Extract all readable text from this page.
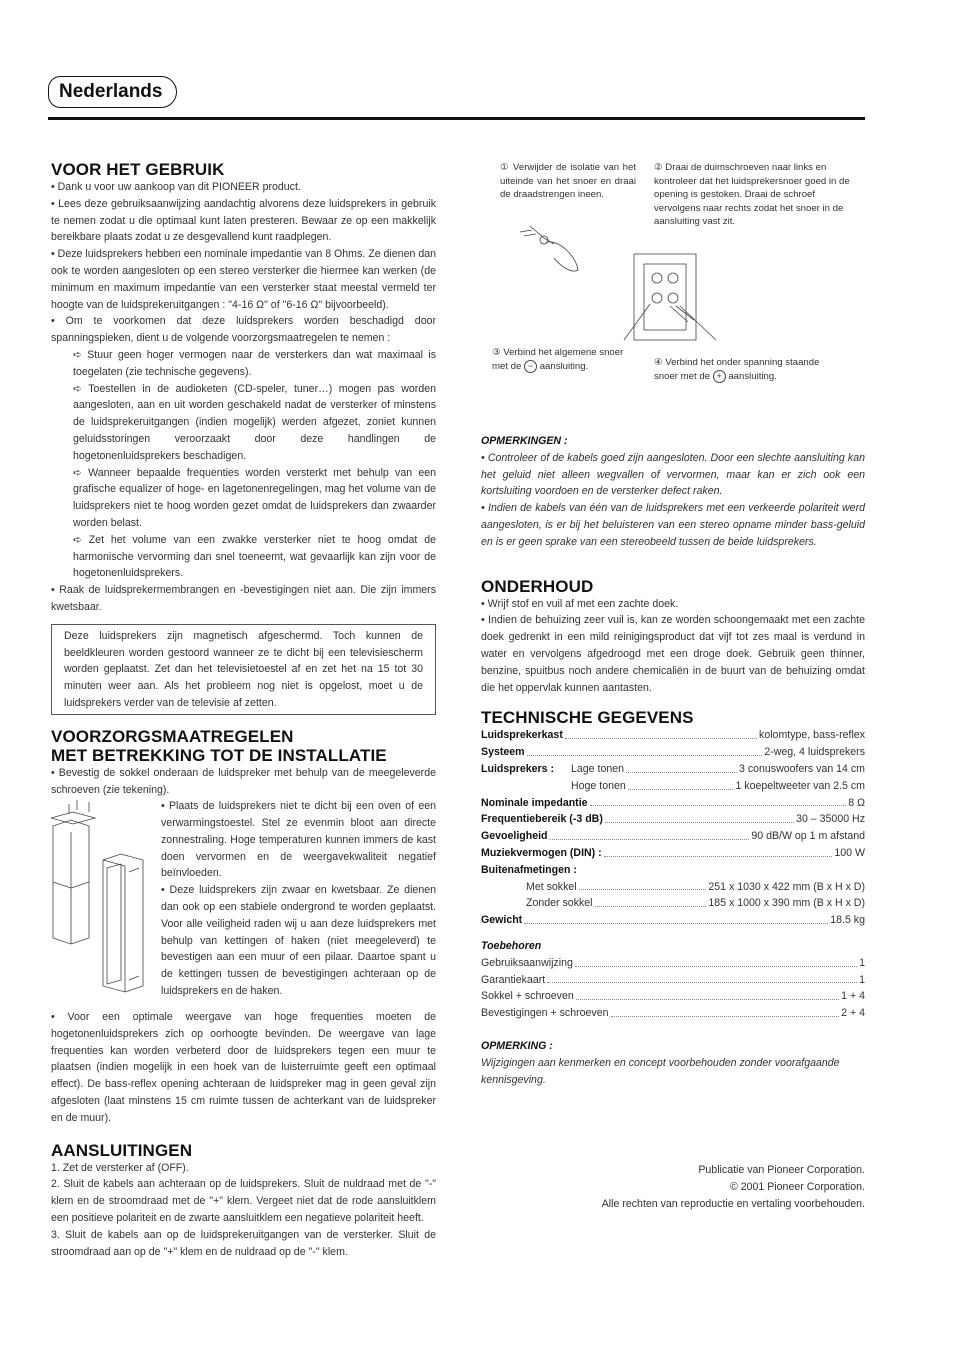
Nederlands
VOOR HET GEBRUIK

• Dank u voor uw aankoop van dit PIONEER product.

• Lees deze gebruiksaanwijzing aandachtig alvorens deze luidsprekers in gebruik te nemen zodat u die optimaal kunt laten presteren. Bewaar ze op een makkelijk bereikbare plaats zodat u ze desgevallend kunt raadplegen.

• Deze luidsprekers hebben een nominale impedantie van 8 Ohms. Ze dienen dan ook te worden aangesloten op een stereo versterker die hiermee kan werken (de minimum en maximum impedantie van een versterker staat meestal vermeld ter hoogte van de luidsprekeruitgangen : "4-16 Ω" of "6-16 Ω" bijvoorbeeld).

• Om te voorkomen dat deze luidsprekers worden beschadigd door spanningspieken, dient u de volgende voorzorgsmaatregelen te nemen :

➪ Stuur geen hoger vermogen naar de versterkers dan wat maximaal is toegelaten (zie technische gegevens).

➪ Toestellen in de audioketen (CD-speler, tuner…) mogen pas worden aangesloten, aan en uit worden geschakeld nadat de versterker of minstens de luidsprekeruitgangen (indien mogelijk) werden afgezet, zoniet kunnen geluidsstoringen veroorzaakt door deze handlingen de hogetonenluidsprekers beschadigen.

➪ Wanneer bepaalde frequenties worden versterkt met behulp van een grafische equalizer of hoge- en lagetonenregelingen, mag het volume van de luidsprekers niet te hoog worden gezet omdat de luidsprekers dan zwaarder worden belast.

➪ Zet het volume van een zwakke versterker niet te hoog omdat de harmonische vervorming dan snel toeneemt, wat gevaarlijk kan zijn voor de hogetonenluidsprekers.

• Raak de luidsprekermembrangen en -bevestigingen niet aan. Die zijn immers kwetsbaar.

Deze luidsprekers zijn magnetisch afgeschermd. Toch kunnen de beeldkleuren worden gestoord wanneer ze te dicht bij een televisiescherm worden geplaatst. Zet dan het televisietoestel af en zet het na 15 tot 30 minuten weer aan. Als het probleem nog niet is opgelost, moet u de luidsprekers verder van de televisie af zetten.

VOORZORGSMAATREGELEN
MET BETREKKING TOT DE INSTALLATIE

• Bevestig de sokkel onderaan de luidspreker met behulp van de meegeleverde schroeven (zie tekening).

• Plaats de luidsprekers niet te dicht bij een oven of een verwarmingstoestel. Stel ze evenmin bloot aan directe zonnestraling. Hoge temperaturen kunnen immers de kast doen vervormen en de weergavekwaliteit negatief beïnvloeden.

• Deze luidsprekers zijn zwaar en kwetsbaar. Ze dienen dan ook op een stabiele ondergrond te worden geplaatst. Voor alle veiligheid raden wij u aan deze luidsprekers met behulp van kettingen of haken (niet meegeleverd) te bevestigen aan een muur of een pilaar. Daartoe spant u de kettingen tussen de bevestigingen achteraan op de luidsprekers en de haken.

• Voor een optimale weergave van hoge frequenties moeten de hogetonenluidsprekers zich op oorhoogte bevinden. De weergave van lage frequenties kan worden verbeterd door de luidsprekers tegen een muur te plaatsen (indien mogelijk in een hoek van de luisterruimte geeft een optimaal effect). De bass-reflex opening achteraan de luidspreker mag in geen geval zijn afgesloten (laat minstens 15 cm ruimte tussen de achterkant van de luidspreker en de muur).

AANSLUITINGEN

1. Zet de versterker af (OFF).

2. Sluit de kabels aan achteraan op de luidsprekers. Sluit de nuldraad met de "-" klem en de stroomdraad met de "+" klem. Vergeet niet dat de rode aansluitklem een positieve polariteit en de zwarte aansluitklem een negatieve polariteit heeft.

3. Sluit de kabels aan op de luidsprekeruitgangen van de versterker. Sluit de stroomdraad aan op de "+" klem en de nuldraad op de "-" klem.

① Verwijder de isolatie van het uiteinde van het snoer en draai de draadstrengen ineen.

② Draai de duimschroeven naar links en kontroleer dat het luidsprekersnoer goed in de opening is gestoken. Draai de schroef vervolgens naar rechts zodat het snoer in de aansluiting vast zit.

③ Verbind het algemene snoer
met de − aansluiting.	④ Verbind het onder spanning staande
snoer met de + aansluiting.
OPMERKINGEN :

• Controleer of de kabels goed zijn aangesloten. Door een slechte aansluiting kan het geluid niet alleen wegvallen of vervormen, maar kan er zich ook een kortsluiting voordoen en de versterker defect raken.

• Indien de kabels van één van de luidsprekers met een verkeerde polariteit werd aangesloten, is er bij het beluisteren van een stereo opname minder bass-geluid en is er geen sprake van een stereobeeld tussen de beide luidsprekers.

ONDERHOUD

• Wrijf stof en vuil af met een zachte doek.

• Indien de behuizing zeer vuil is, kan ze worden schoongemaakt met een zachte doek gedrenkt in een mild reinigingsproduct dat vijf tot zes maal is verdund in water en vervolgens afgedroogd met een droge doek. Gebruik geen thinner, benzine, spuitbus noch andere chemicaliën in de buurt van de behuizing omdat die het oppervlak kunnen aantasten.

TECHNISCHE GEGEVENS
Luidsprekerkast	kolomtype, bass-reflex
Systeem	2-weg, 4 luidsprekers
Luidsprekers :	Lage tonen	3 conuswoofers van 14 cm
Hoge tonen	1 koepeltweeter van 2.5 cm
Nominale impedantie	8 Ω
Frequentiebereik (-3 dB)	30 – 35000 Hz
Gevoeligheid	90 dB/W op 1 m afstand
Muziekvermogen (DIN) :	100 W
Buitenafmetingen :
Met sokkel	251 x 1030 x 422 mm (B x H x D)
Zonder sokkel	185 x 1000 x 390 mm (B x H x D)
Gewicht	18.5 kg
Toebehoren
Gebruiksaanwijzing	1
Garantiekaart	1
Sokkel + schroeven	1 + 4
Bevestigingen + schroeven	2 + 4
OPMERKING :

Wijzigingen aan kenmerken en concept voorbehouden zonder voorafgaande kennisgeving.

Publicatie van Pioneer Corporation.
© 2001 Pioneer Corporation.
Alle rechten van reproductie en vertaling voorbehouden.
